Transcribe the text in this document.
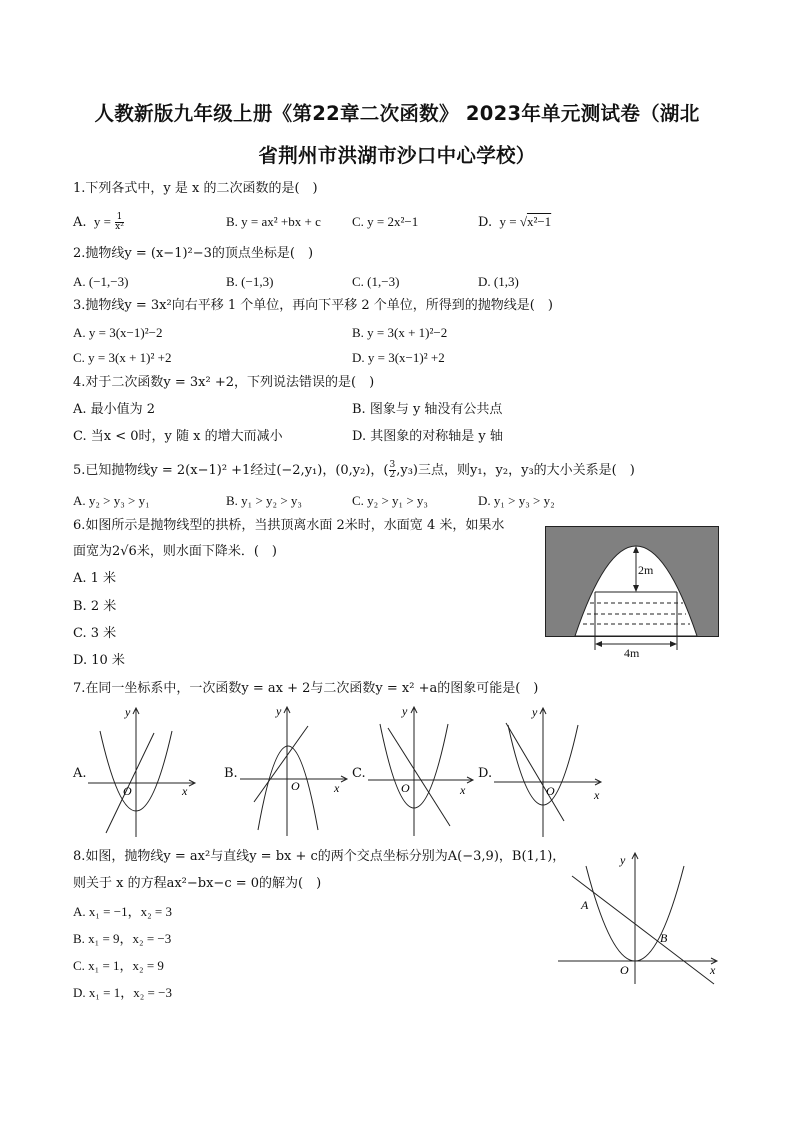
人教新版九年级上册《第22章二次函数》 2023年单元测试卷（湖北
省荆州市洪湖市沙口中心学校）
1.下列各式中，y 是 x 的二次函数的是( )
A.  $y = \frac{1}{\text{x²}}$	B. y = ax² +bx + c C. y = 2x²−1	D.  y = √x²−1
2.抛物线y = (x−1)²−3的顶点坐标是( )
A. (−1,−3)	B. (−1,3)	C. (1,−3)	D. (1,3)
3.抛物线y = 3x²向右平移 1 个单位，再向下平移 2 个单位，所得到的抛物线是( )
A. y = 3(x−1)²−2	B. y = 3(x + 1)²−2
C. y = 3(x + 1)² +2	D. y = 3(x−1)² +2
4.对于二次函数y = 3x² +2，下列说法错误的是( )
A. 最小值为 2	B. 图象与 y 轴没有公共点
C. 当x < 0时，y 随 x 的增大而减小	D. 其图象的对称轴是 y 轴
5.已知抛物线y = 2(x−1)² +1经过(−2,y₁)，(0,y₂)，( $\frac{3}{2} ,y_3$)三点，则y₁，y₂，y₃的大小关系是( )
A. y₂ > y₃ > y₁	B. y₁ > y₂ > y₃	C. y₂ > y₁ > y₃	D. y₁ > y₃ > y₂
6.如图所示是抛物线型的拱桥，当拱顶离水面 2米时，水面宽 4 米，如果水
面宽为2√6米，则水面下降米．( )
A. 1 米
B. 2 米
C. 3 米
D. 10 米
2m
4m
7.在同一坐标系中，一次函数y = ax + 2与二次函数y = x² +a的图象可能是( )
A.
y
x
O
B.
y
x
O
C.
y
x
O
D.
y
x
O
8.如图，抛物线y = ax²与直线y = bx + c的两个交点坐标分别为A(−3,9)，B(1,1)，
则关于 x 的方程ax²−bx−c = 0的解为( )
A. x₁ = −1，x₂ = 3
B. x₁ = 9，x₂ = −3
C. x₁ = 1，x₂ = 9
D. x₁ = 1，x₂ = −3
y
x
O
A
B
